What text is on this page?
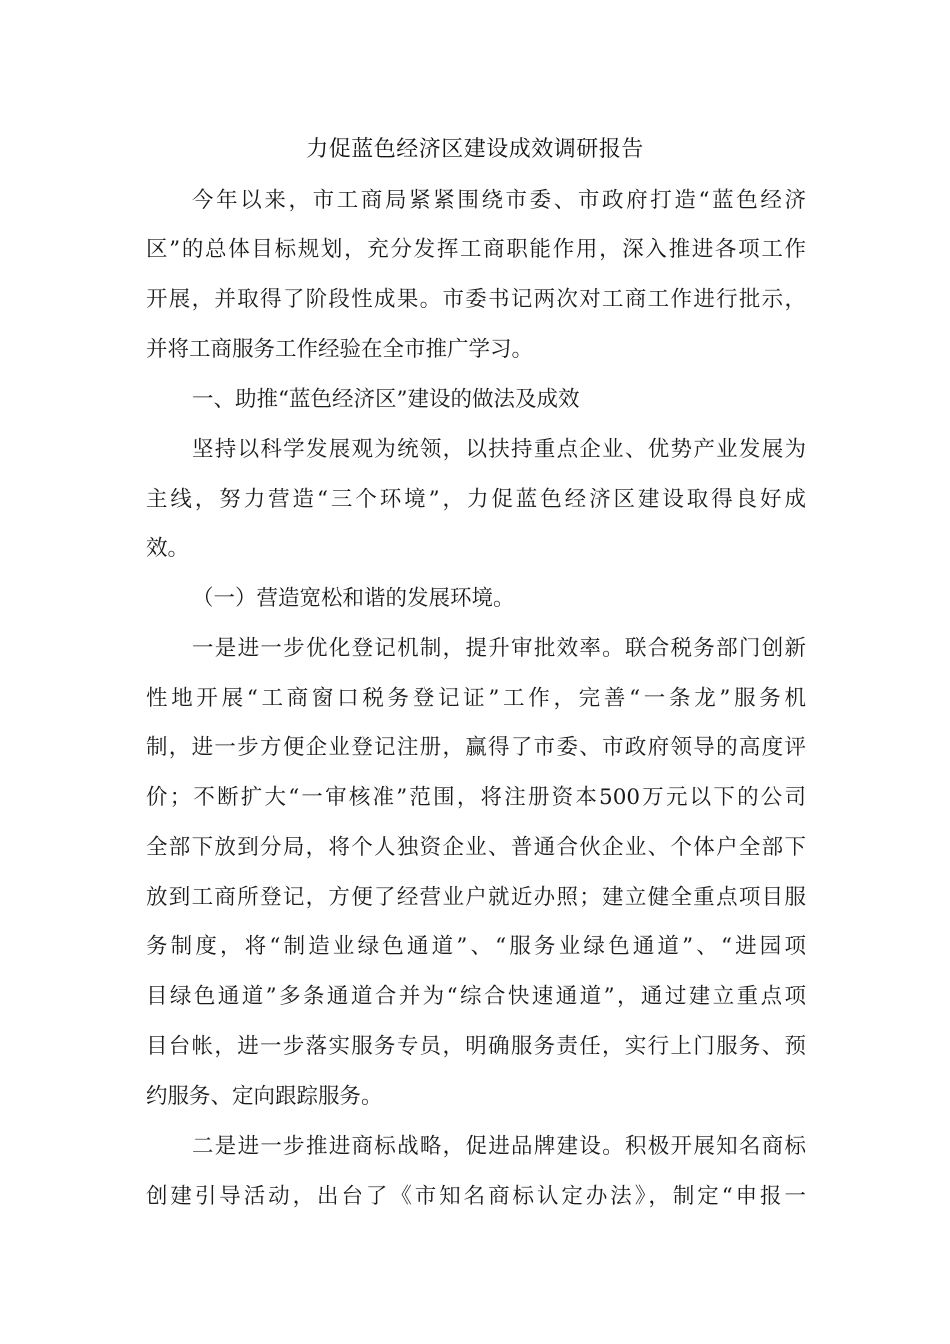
力促蓝色经济区建设成效调研报告
今年以来，市工商局紧紧围绕市委、市政府打造“蓝色经济
区”的总体目标规划，充分发挥工商职能作用，深入推进各项工作
开展，并取得了阶段性成果。市委书记两次对工商工作进行批示，
并将工商服务工作经验在全市推广学习。
一、助推“蓝色经济区”建设的做法及成效
坚持以科学发展观为统领，以扶持重点企业、优势产业发展为
主线，努力营造“三个环境”，力促蓝色经济区建设取得良好成
效。
（一）营造宽松和谐的发展环境。
一是进一步优化登记机制，提升审批效率。联合税务部门创新
性地开展“工商窗口税务登记证”工作，完善“一条龙”服务机
制，进一步方便企业登记注册，赢得了市委、市政府领导的高度评
价；不断扩大“一审核准”范围，将注册资本500万元以下的公司
全部下放到分局，将个人独资企业、普通合伙企业、个体户全部下
放到工商所登记，方便了经营业户就近办照；建立健全重点项目服
务制度，将“制造业绿色通道”、“服务业绿色通道”、“进园项
目绿色通道”多条通道合并为“综合快速通道”，通过建立重点项
目台帐，进一步落实服务专员，明确服务责任，实行上门服务、预
约服务、定向跟踪服务。
二是进一步推进商标战略，促进品牌建设。积极开展知名商标
创建引导活动，出台了《市知名商标认定办法》，制定“申报一
